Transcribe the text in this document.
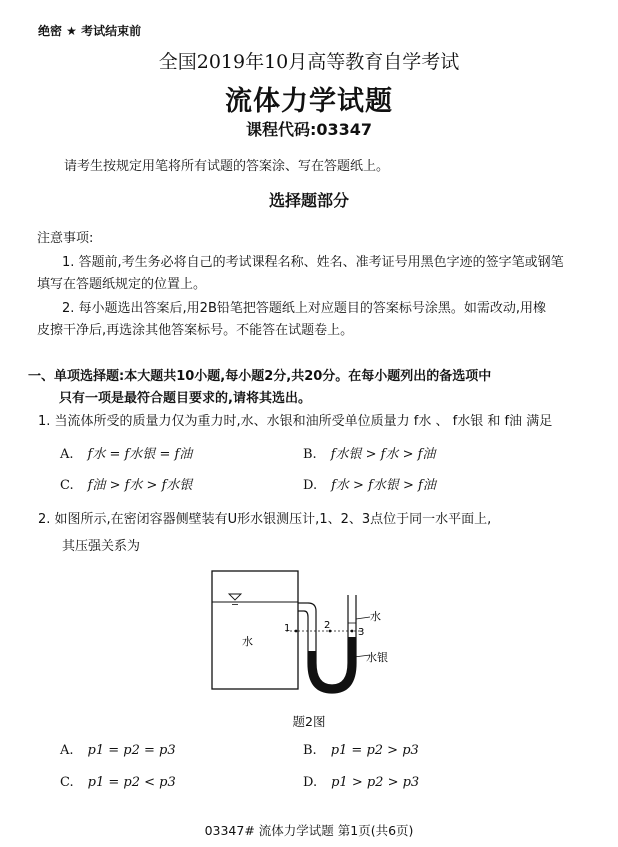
绝密 ★ 考试结束前
全国2019年10月高等教育自学考试
流体力学试题
课程代码:03347
请考生按规定用笔将所有试题的答案涂、写在答题纸上。
选择题部分
注意事项:
1. 答题前,考生务必将自己的考试课程名称、姓名、准考证号用黑色字迹的签字笔或钢笔
填写在答题纸规定的位置上。
2. 每小题选出答案后,用2B铅笔把答题纸上对应题目的答案标号涂黑。如需改动,用橡
皮擦干净后,再选涂其他答案标号。不能答在试题卷上。
一、单项选择题:本大题共10小题,每小题2分,共20分。在每小题列出的备选项中
只有一项是最符合题目要求的,请将其选出。
1. 当流体所受的质量力仅为重力时,水、水银和油所受单位质量力 f水 、 f水银 和 f油 满足
A. f水 = f水银 = f油	B. f水银 > f水 > f油
C. f油 > f水 > f水银	D. f水 > f水银 > f油
2. 如图所示,在密闭容器侧壁装有U形水银测压计,1、2、3点位于同一水平面上,
其压强关系为
水
1	2
3
水
水银
题2图
A. p1 = p2 = p3	B. p1 = p2 > p3
C. p1 = p2 < p3	D. p1 > p2 > p3
03347# 流体力学试题 第1页(共6页)
